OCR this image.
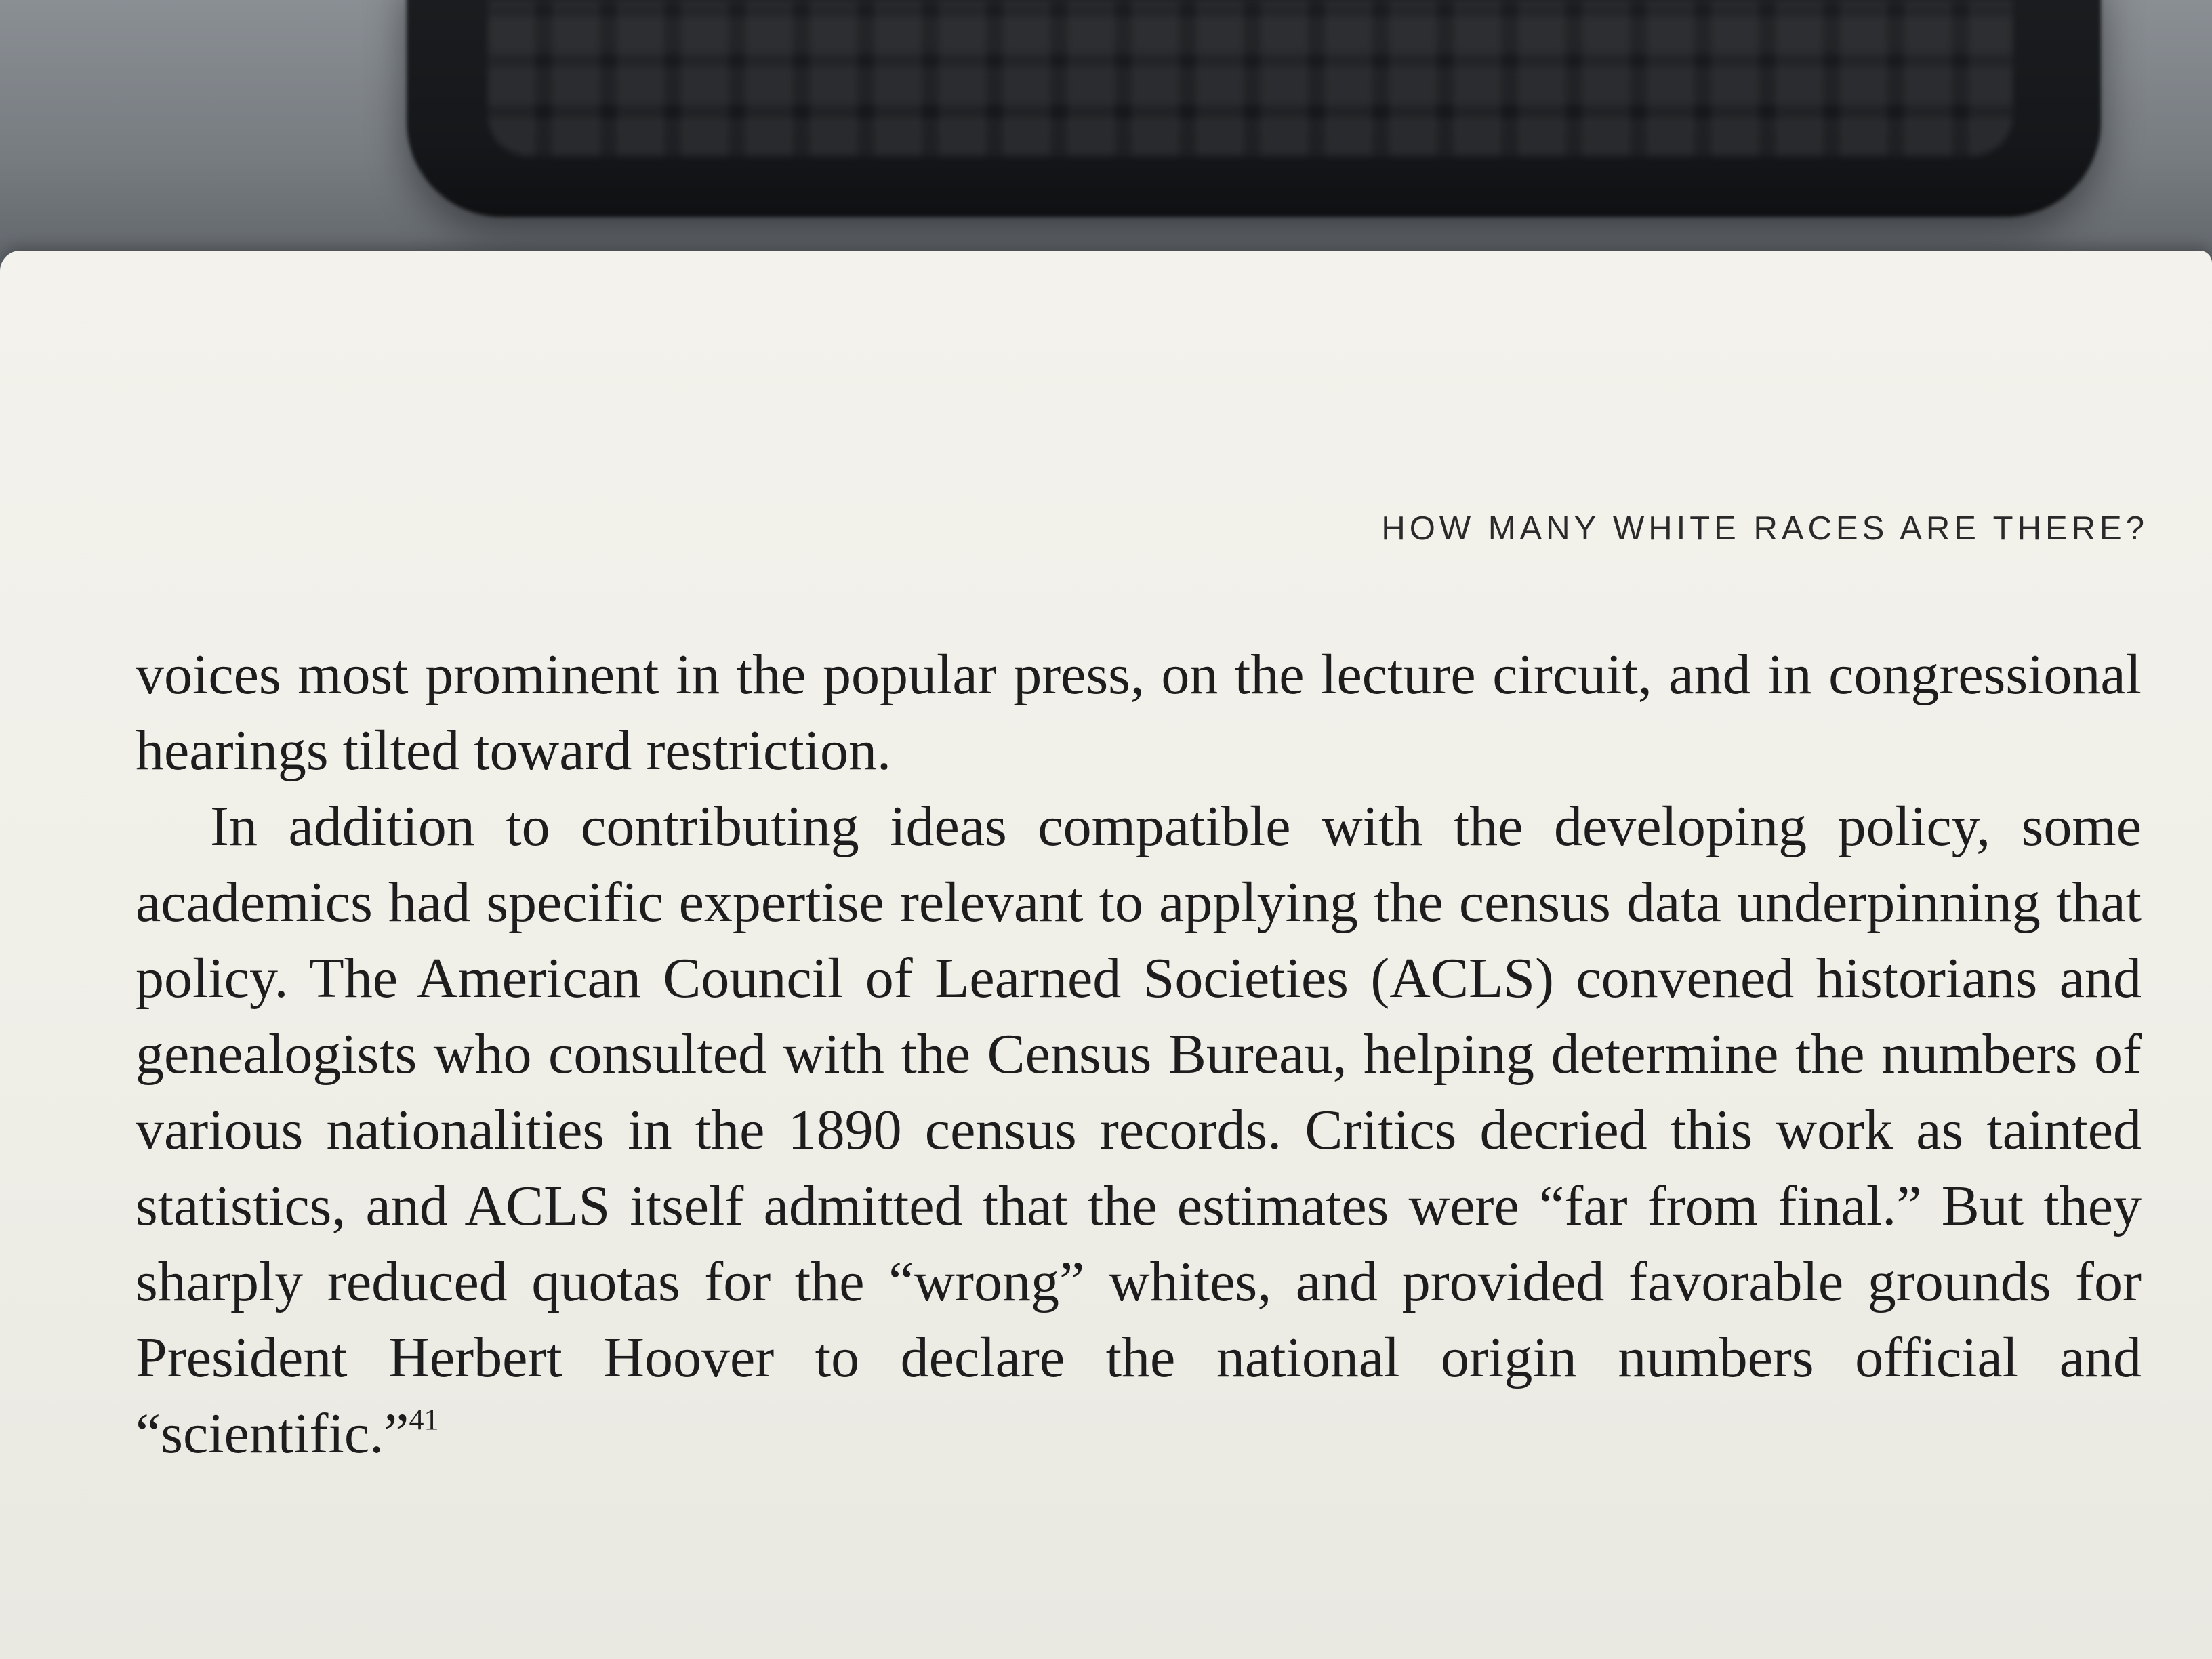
HOW MANY WHITE RACES ARE THERE?

voices most prominent in the popular press, on the lecture circuit, and in congressional hearings tilted toward restriction.

In addition to contributing ideas compatible with the developing policy, some academics had specific expertise relevant to applying the census data underpinning that policy. The American Council of Learned Societies (ACLS) convened historians and genealogists who consulted with the Census Bureau, helping determine the numbers of various nationalities in the 1890 census records. Critics decried this work as tainted statistics, and ACLS itself admitted that the estimates were “far from final.” But they sharply reduced quotas for the “wrong” whites, and provided favorable grounds for President Herbert Hoover to declare the national origin numbers official and “scientific.”$^{41}$
